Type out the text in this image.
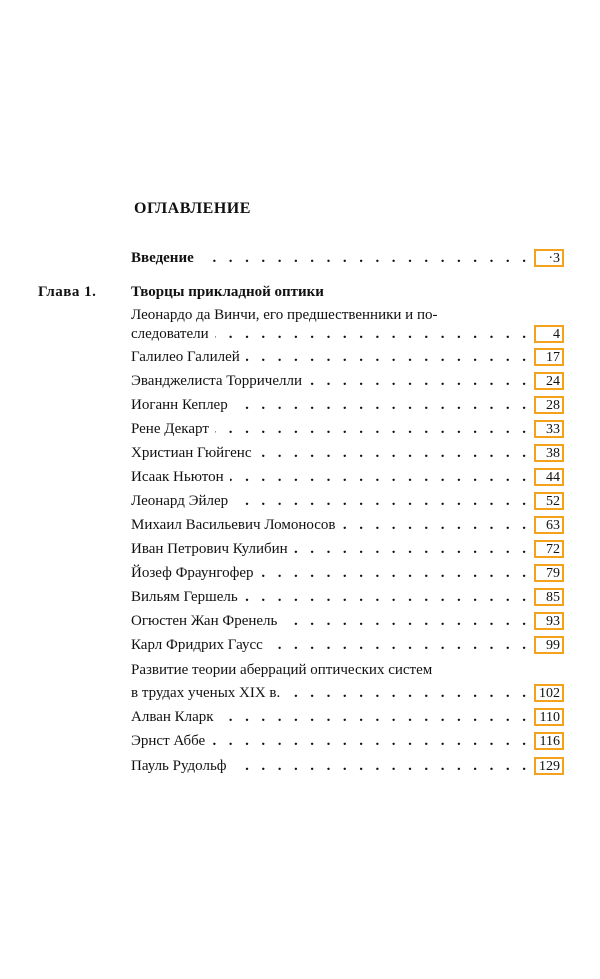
ОГЛАВЛЕНИЕ
Введение . . .	·3
Глава 1. Творцы прикладной оптики
Леонардо да Винчи, его предшественники и по-
следователи . . .	4
Галилео Галилей . . .	17
Эванджелиста Торричелли . . .	24
Иоганн Кеплер . . .	28
Рене Декарт . . .	33
Христиан Гюйгенс . . .	38
Исаак Ньютон . . .	44
Леонард Эйлер . . .	52
Михаил Васильевич Ломоносов . . .	63
Иван Петрович Кулибин . . .	72
Йозеф Фраунгофер . . .	79
Вильям Гершель . . .	85
Огюстен Жан Френель . . .	93
Карл Фридрих Гаусс . . .	99
Развитие теории аберраций оптических систем
в трудах ученых XIX в. . . .	102
Алван Кларк . . .	110
Эрнст Аббе . . .	116
Пауль Рудольф . . .	129
